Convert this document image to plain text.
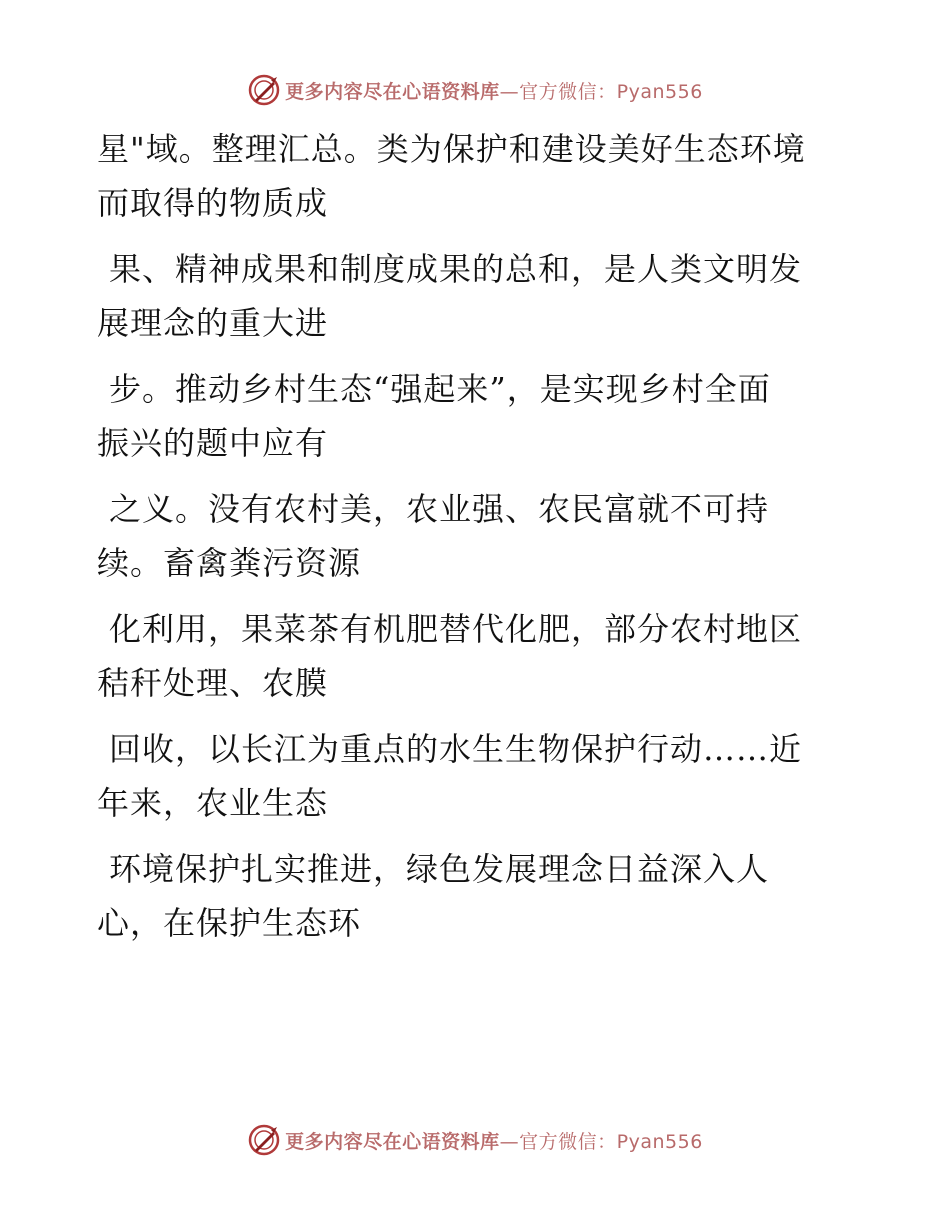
更多内容尽在心语资料库—官方微信：Pyan556
星"域。整理汇总。类为保护和建设美好生态环境
而取得的物质成
果、精神成果和制度成果的总和，是人类文明发
展理念的重大进
步。推动乡村生态“强起来”，是实现乡村全面
振兴的题中应有
之义。没有农村美，农业强、农民富就不可持
续。畜禽粪污资源
化利用，果菜茶有机肥替代化肥，部分农村地区
秸秆处理、农膜
回收，以长江为重点的水生生物保护行动……近
年来，农业生态
环境保护扎实推进，绿色发展理念日益深入人
心，在保护生态环
更多内容尽在心语资料库—官方微信：Pyan556
